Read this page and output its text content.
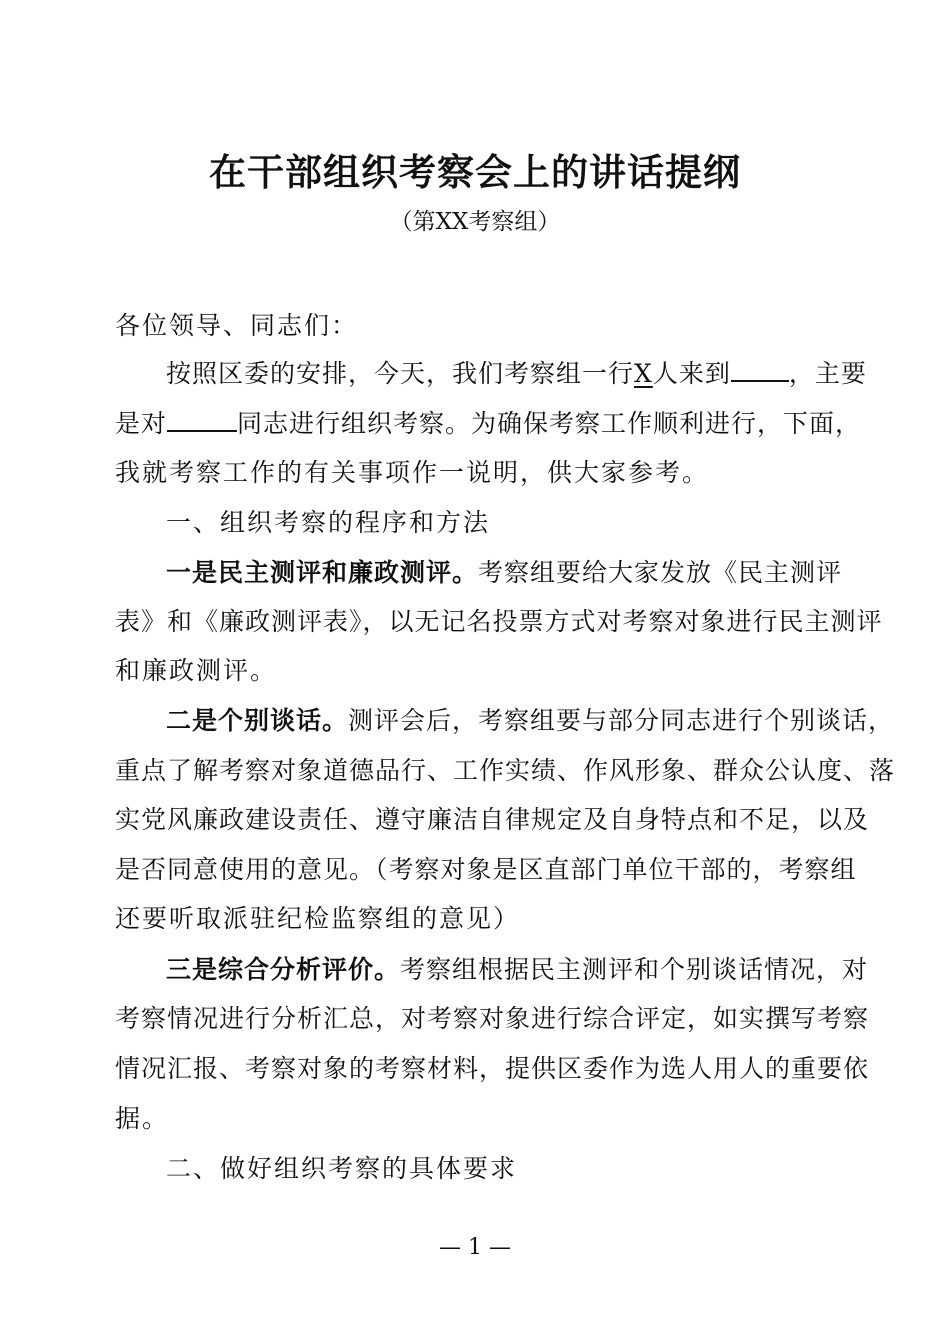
在干部组织考察会上的讲话提纲
（第XX考察组）
各位领导、同志们：
按照区委的安排，今天，我们考察组一行X人来到 ，主要
是对	同志进行组织考察。为确保考察工作顺利进行，下面，
我就考察工作的有关事项作一说明，供大家参考。
一、组织考察的程序和方法
一是民主测评和廉政测评。考察组要给大家发放《民主测评
表》和《廉政测评表》，以无记名投票方式对考察对象进行民主测评
和廉政测评。
二是个别谈话。测评会后，考察组要与部分同志进行个别谈话，
重点了解考察对象道德品行、工作实绩、作风形象、群众公认度、落
实党风廉政建设责任、遵守廉洁自律规定及自身特点和不足，以及
是否同意使用的意见。（考察对象是区直部门单位干部的，考察组
还要听取派驻纪检监察组的意见）
三是综合分析评价。考察组根据民主测评和个别谈话情况，对
考察情况进行分析汇总，对考察对象进行综合评定，如实撰写考察
情况汇报、考察对象的考察材料，提供区委作为选人用人的重要依
据。
二、做好组织考察的具体要求
— 1 —
